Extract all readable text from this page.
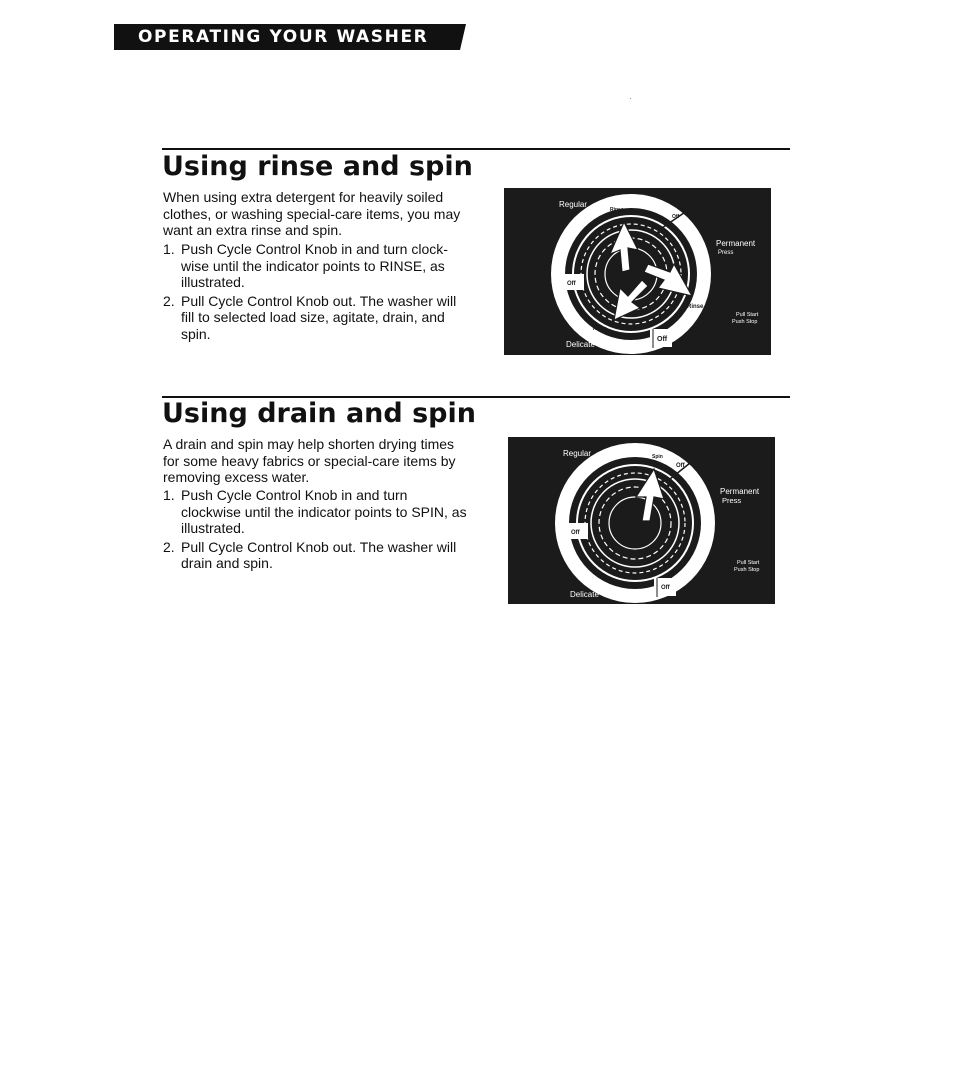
OPERATING YOUR WASHER
Using rinse and spin

When using extra detergent for heavily soiled clothes, or washing special-care items, you may want an extra rinse and spin.

1. Push Cycle Control Knob in and turn clock-wise until the indicator points to RINSE, as illustrated.
2. Pull Cycle Control Knob out. The washer will fill to selected load size, agitate, drain, and spin.
Regular
Rinse
Off
Permanent
Press
Off
Rinse
Rinse
Pull Start
Push Stop
Off
Delicate
Using drain and spin

A drain and spin may help shorten drying times for some heavy fabrics or special-care items by removing excess water.

1. Push Cycle Control Knob in and turn clockwise until the indicator points to SPIN, as illustrated.
2. Pull Cycle Control Knob out. The washer will drain and spin.
Regular	Spin
Off
Permanent
Press
Off
Pull Start
Push Stop
Off
Delicate
